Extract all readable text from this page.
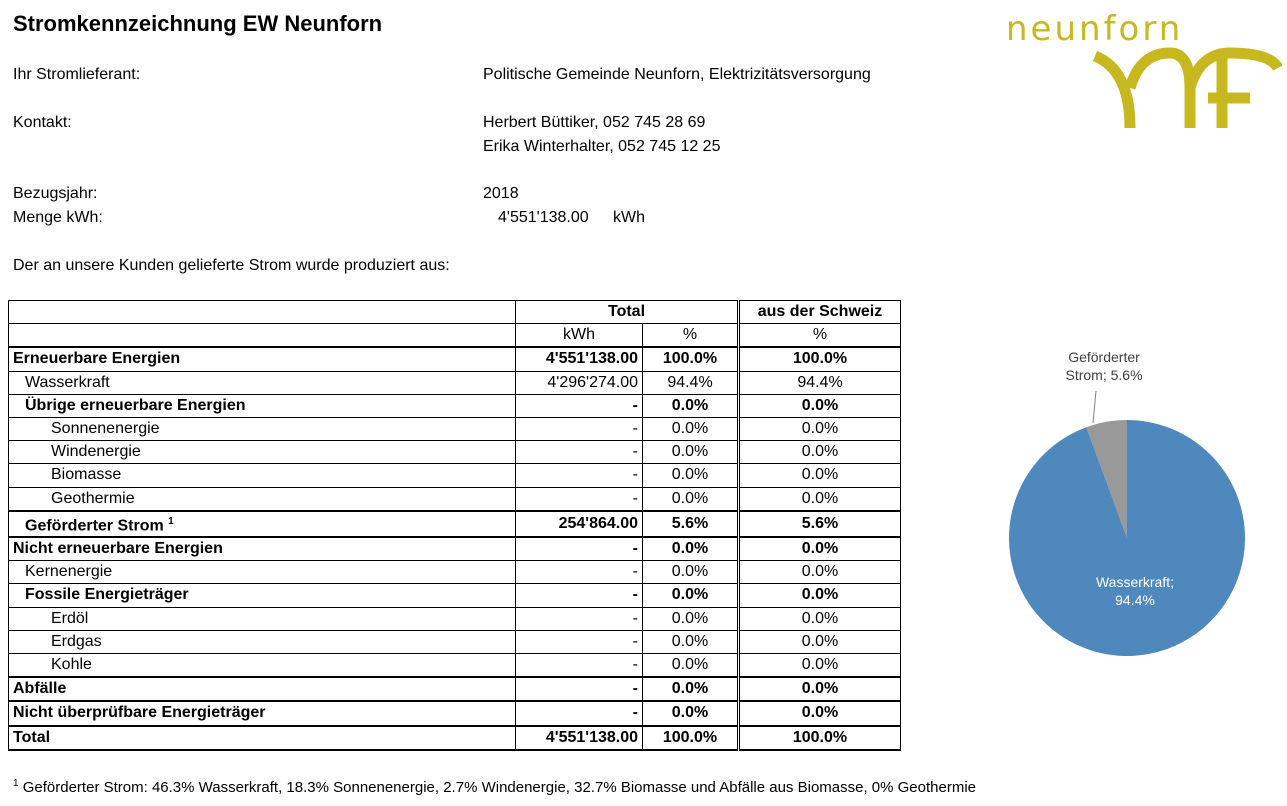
Stromkennzeichnung EW Neunforn	neunforn
Ihr Stromlieferant:	Politische Gemeinde Neunforn, Elektrizitätsversorgung
Kontakt:	Herbert Büttiker, 052 745 28 69
Erika Winterhalter, 052 745 12 25
Bezugsjahr:	2018
Menge kWh:	4'551'138.00 kWh
Der an unsere Kunden gelieferte Strom wurde produziert aus:
	Total			aus der Schweiz
	kWh	%		%
Erneuerbare Energien	4'551'138.00	100.0%		100.0%
Wasserkraft	4'296'274.00	94.4%		94.4%
Übrige erneuerbare Energien	-	0.0%		0.0%
Sonnenenergie	-	0.0%		0.0%
Windenergie	-	0.0%		0.0%
Biomasse	-	0.0%		0.0%
Geothermie	-	0.0%		0.0%
Geförderter Strom $^1$	254'864.00	5.6%		5.6%
Nicht erneuerbare Energien	-	0.0%		0.0%
Kernenergie	-	0.0%		0.0%
Fossile Energieträger	-	0.0%		0.0%
Erdöl	-	0.0%		0.0%
Erdgas	-	0.0%		0.0%
Kohle	-	0.0%		0.0%
Abfälle	-	0.0%		0.0%
Nicht überprüfbare Energieträger	-	0.0%		0.0%
Total	4'551'138.00	100.0%		100.0%
Geförderter
Strom; 5.6%
Wasserkraft;
94.4%
$^1$ Geförderter Strom: 46.3% Wasserkraft, 18.3% Sonnenenergie, 2.7% Windenergie, 32.7% Biomasse und Abfälle aus Biomasse, 0% Geothermie
